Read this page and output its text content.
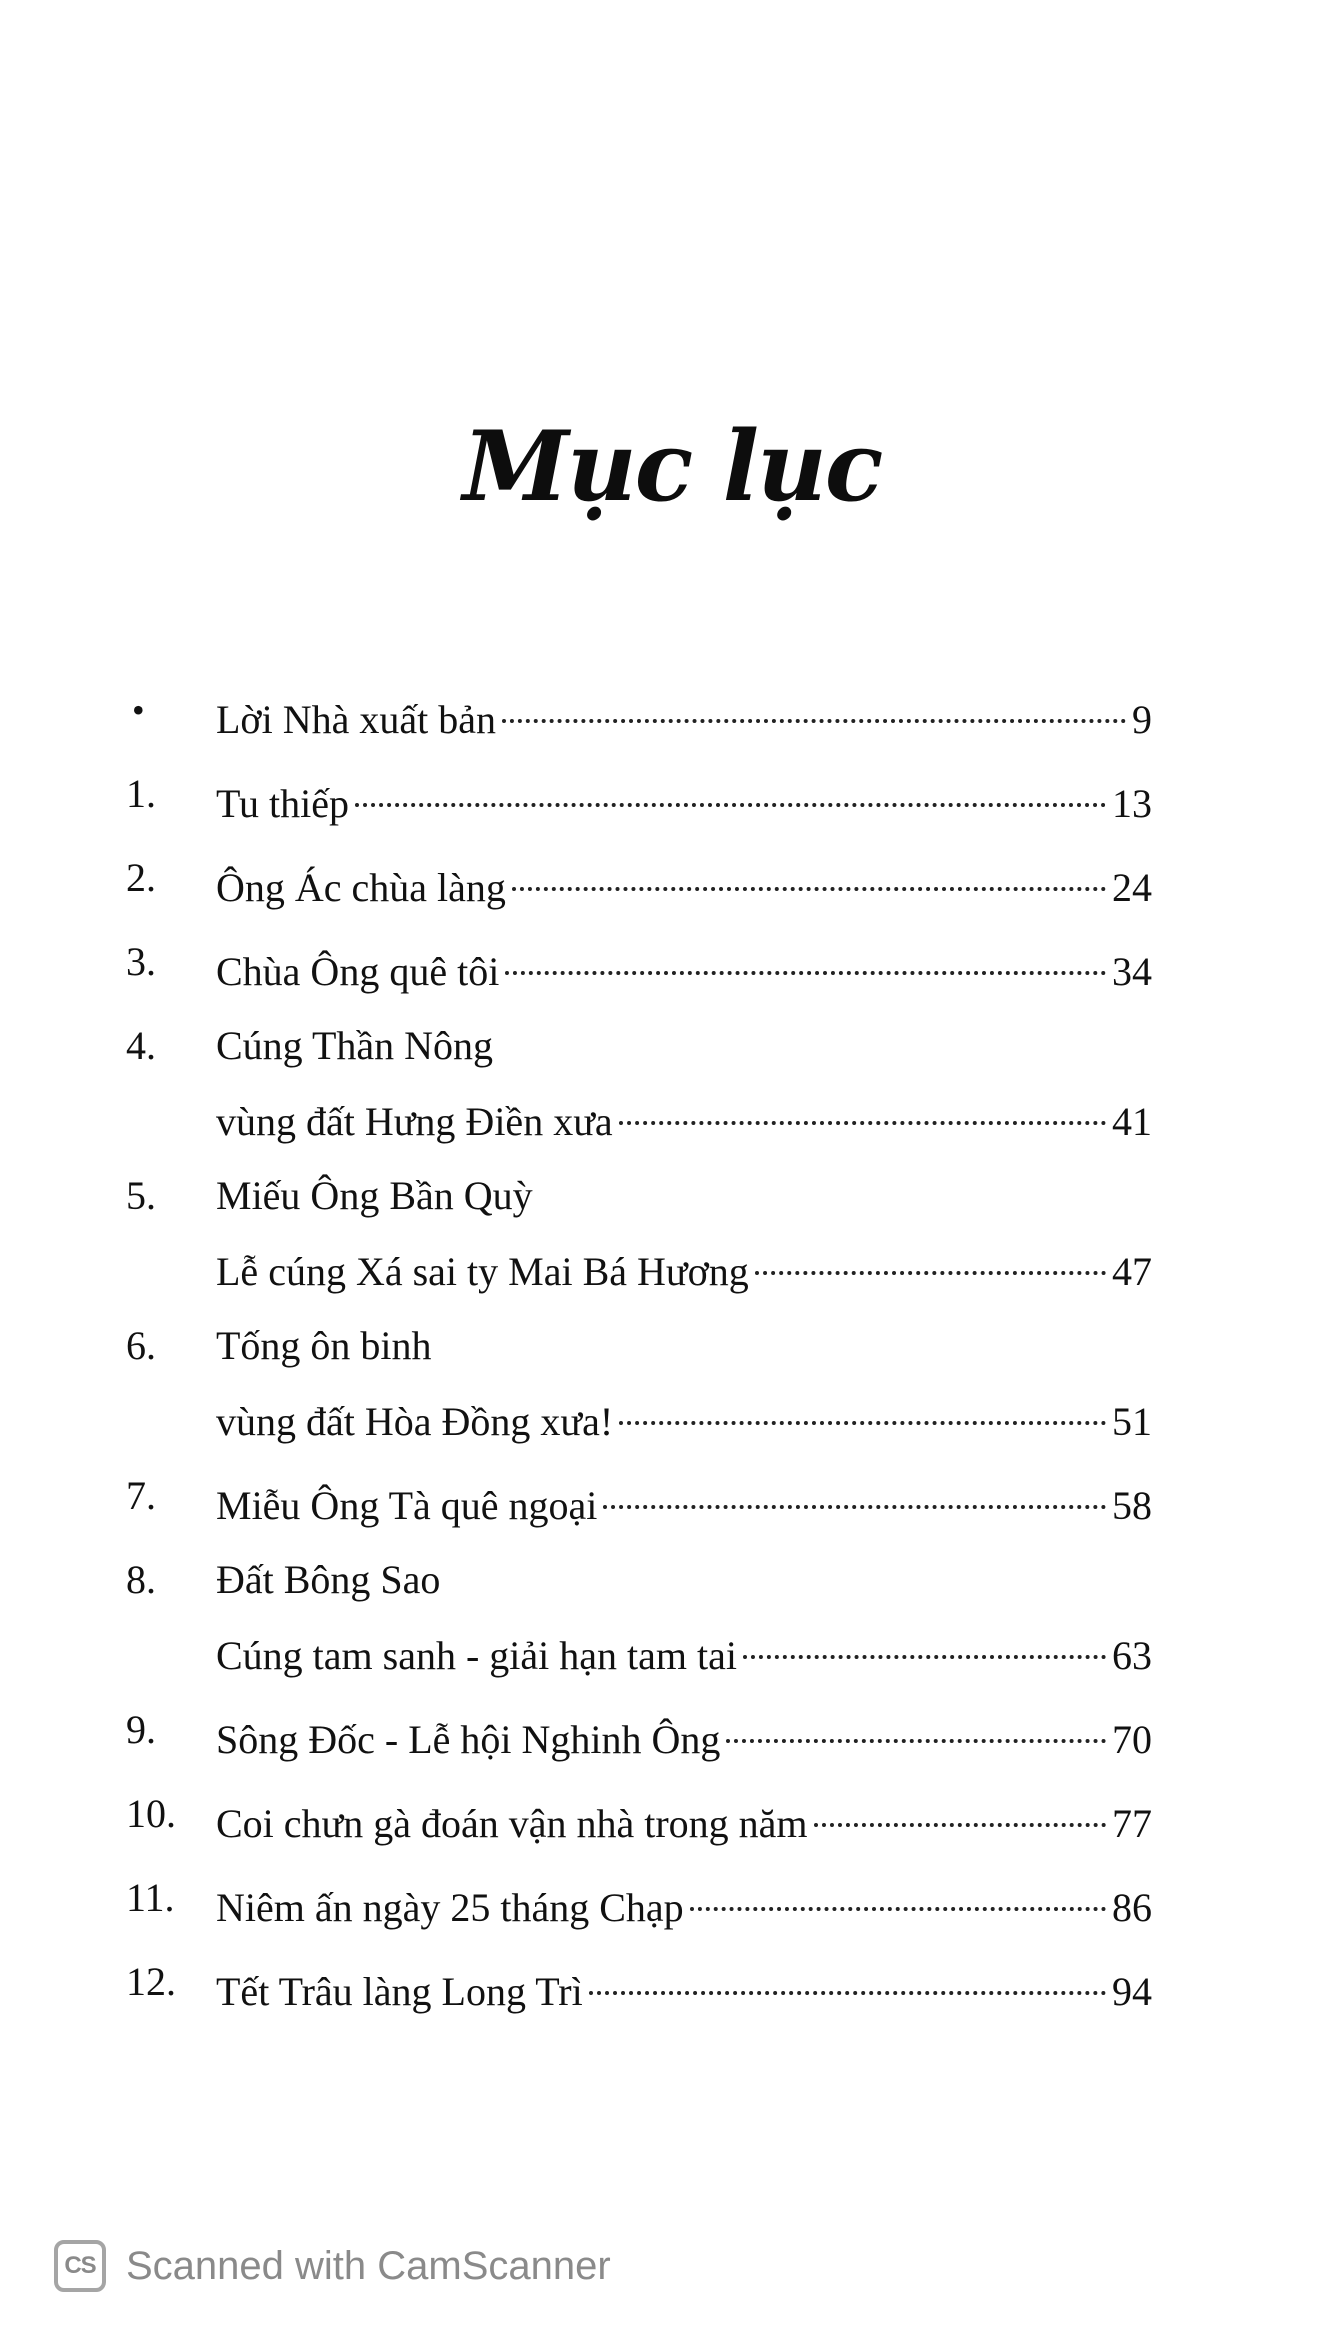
Mục lục
•	Lời Nhà xuất bản	9
1.	Tu thiếp	13
2.	Ông Ác chùa làng	24
3.	Chùa Ông quê tôi	34
4.	Cúng Thần Nông
vùng đất Hưng Điền xưa	41
5.	Miếu Ông Bần Quỳ
Lễ cúng Xá sai ty Mai Bá Hương	47
6.	Tống ôn binh
vùng đất Hòa Đồng xưa!	51
7.	Miễu Ông Tà quê ngoại	58
8.	Đất Bông Sao
Cúng tam sanh - giải hạn tam tai	63
9.	Sông Đốc - Lễ hội Nghinh Ông	70
10.	Coi chưn gà đoán vận nhà trong năm	77
11.	Niêm ấn ngày 25 tháng Chạp	86
12.	Tết Trâu làng Long Trì	94
CS Scanned with CamScanner
